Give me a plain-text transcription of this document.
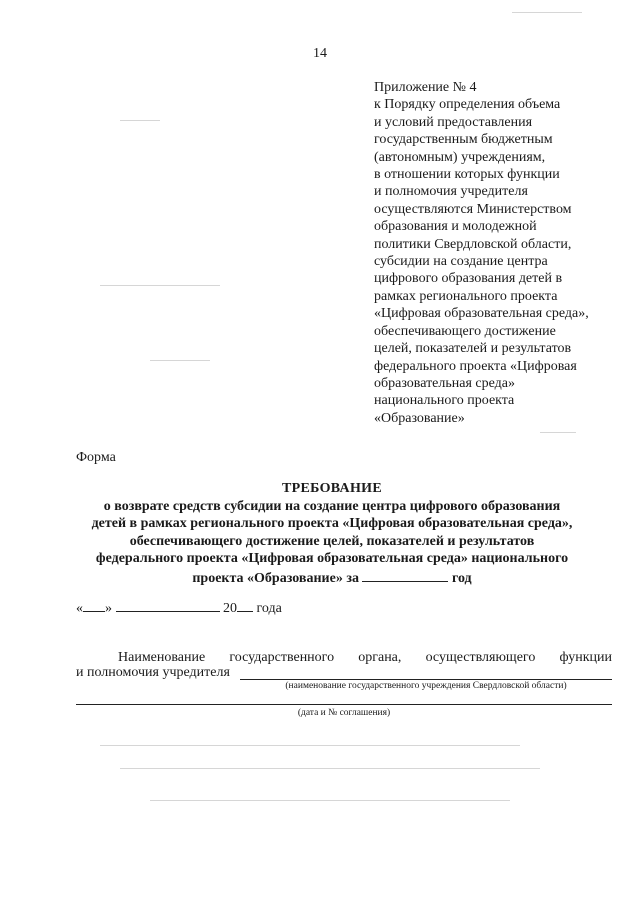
14
Приложение № 4
к Порядку определения объема
и условий предоставления
государственным бюджетным
(автономным) учреждениям,
в отношении которых функции
и полномочия учредителя
осуществляются Министерством
образования и молодежной
политики Свердловской области,
субсидии на создание центра
цифрового образования детей в
рамках регионального проекта
«Цифровая образовательная среда»,
обеспечивающего достижение
целей, показателей и результатов
федерального проекта «Цифровая
образовательная среда»
национального проекта
«Образование»
Форма
ТРЕБОВАНИЕ
о возврате средств субсидии на создание центра цифрового образования
детей в рамках регионального проекта «Цифровая образовательная среда»,
обеспечивающего достижение целей, показателей и результатов
федерального проекта «Цифровая образовательная среда» национального
проекта «Образование» за	год
« »	20 года
Наименование государственного органа, осуществляющего функции
и полномочия учредителя
(наименование государственного учреждения Свердловской области)
(дата и № соглашения)
